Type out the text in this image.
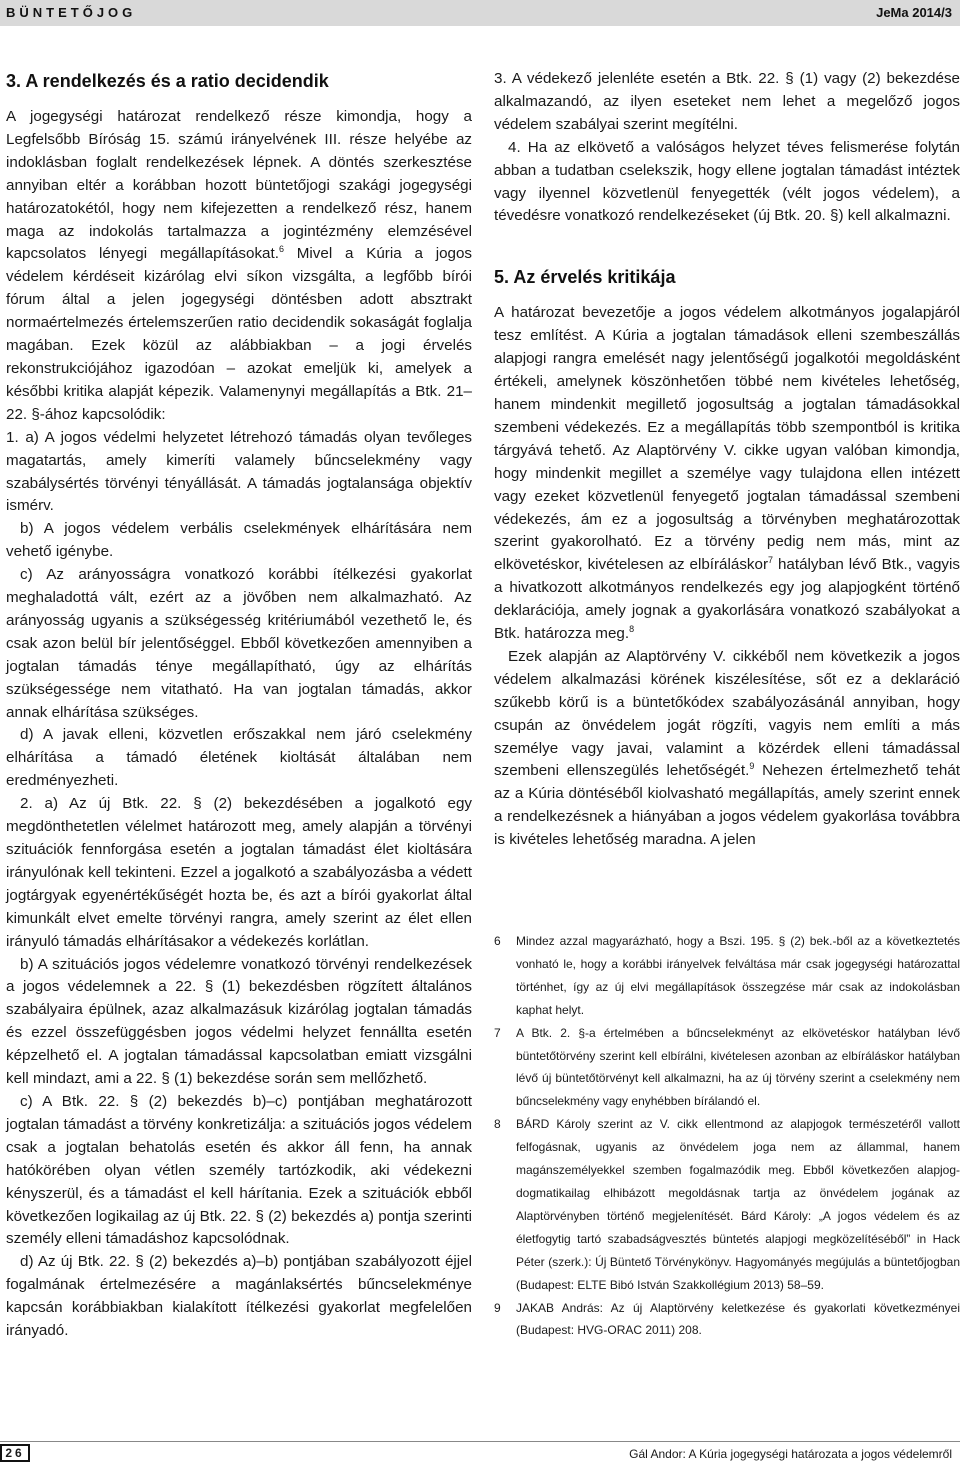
BÜNTETŐJOG	JeMa 2014/3
3. A rendelkezés és a ratio decidendik

A jogegységi határozat rendelkező része kimondja, hogy a Legfelsőbb Bíróság 15. számú irányelvének III. része helyébe az indoklásban foglalt rendelkezések lépnek. A döntés szerkesztése annyiban eltér a korábban hozott büntetőjogi szakági jogegységi határozatokétól, hogy nem kifejezetten a rendelkező rész, hanem maga az indokolás tartalmazza a jogintézmény elemzésével kapcsolatos lényegi megállapításokat.$^6$ Mivel a Kúria a jogos védelem kérdéseit kizárólag elvi síkon vizsgálta, a legfőbb bírói fórum által a jelen jogegységi döntésben adott absztrakt normaértelmezés értelemszerűen ratio decidendik sokaságát foglalja magában. Ezek közül az alábbiakban – a jogi érvelés rekonstrukciójához igazodóan – azokat emeljük ki, amelyek a későbbi kritika alapját képezik. Valamenynyi megállapítás a Btk. 21–22. §-ához kapcsolódik:

1. a) A jogos védelmi helyzetet létrehozó támadás olyan tevőleges magatartás, amely kimeríti valamely bűncselekmény vagy szabálysértés törvényi tényállását. A támadás jogtalansága objektív ismérv.

b) A jogos védelem verbális cselekmények elhárítására nem vehető igénybe.

c) Az arányosságra vonatkozó korábbi ítélkezési gyakorlat meghaladottá vált, ezért az a jövőben nem alkalmazható. Az arányosság ugyanis a szükségesség kritériumából vezethető le, és csak azon belül bír jelentőséggel. Ebből következően amennyiben a jogtalan támadás ténye megállapítható, úgy az elhárítás szükségessége nem vitatható. Ha van jogtalan támadás, akkor annak elhárítása szükséges.

d) A javak elleni, közvetlen erőszakkal nem járó cselekmény elhárítása a támadó életének kioltását általában nem eredményezheti.

2. a) Az új Btk. 22. § (2) bekezdésében a jogalkotó egy megdönthetetlen vélelmet határozott meg, amely alapján a törvényi szituációk fennforgása esetén a jogtalan támadást élet kioltására irányulónak kell tekinteni. Ezzel a jogalkotó a szabályozásba a védett jogtárgyak egyenértékűségét hozta be, és azt a bírói gyakorlat által kimunkált elvet emelte törvényi rangra, amely szerint az élet ellen irányuló támadás elhárításakor a védekezés korlátlan.

b) A szituációs jogos védelemre vonatkozó törvényi rendelkezések a jogos védelemnek a 22. § (1) bekezdésben rögzített általános szabályaira épülnek, azaz alkalmazásuk kizárólag jogtalan támadás és ezzel összefüggésben jogos védelmi helyzet fennállta esetén képzelhető el. A jogtalan támadással kapcsolatban emiatt vizsgálni kell mindazt, ami a 22. § (1) bekezdése során sem mellőzhető.

c) A Btk. 22. § (2) bekezdés b)–c) pontjában meghatározott jogtalan támadást a törvény konkretizálja: a szituációs jogos védelem csak a jogtalan behatolás esetén és akkor áll fenn, ha annak hatókörében olyan vétlen személy tartózkodik, aki védekezni kényszerül, és a támadást el kell hárítania. Ezek a szituációk ebből következően logikailag az új Btk. 22. § (2) bekezdés a) pontja szerinti személy elleni támadáshoz kapcsolódnak.

d) Az új Btk. 22. § (2) bekezdés a)–b) pontjában szabályozott éjjel fogalmának értelmezésére a magánlaksértés bűncselekménye kapcsán korábbiakban kialakított ítélkezési gyakorlat megfelelően irányadó.

3. A védekező jelenléte esetén a Btk. 22. § (1) vagy (2) bekezdése alkalmazandó, az ilyen eseteket nem lehet a megelőző jogos védelem szabályai szerint megítélni.

4. Ha az elkövető a valóságos helyzet téves felismerése folytán abban a tudatban cselekszik, hogy ellene jogtalan támadást intéztek vagy ilyennel közvetlenül fenyegették (vélt jogos védelem), a tévedésre vonatkozó rendelkezéseket (új Btk. 20. §) kell alkalmazni.

5. Az érvelés kritikája

A határozat bevezetője a jogos védelem alkotmányos jogalapjáról tesz említést. A Kúria a jogtalan támadások elleni szembeszállás alapjogi rangra emelését nagy jelentőségű jogalkotói megoldásként értékeli, amelynek köszönhetően többé nem kivételes lehetőség, hanem mindenkit megillető jogosultság a jogtalan támadásokkal szembeni védekezés. Ez a megállapítás több szempontból is kritika tárgyává tehető. Az Alaptörvény V. cikke ugyan valóban kimondja, hogy mindenkit megillet a személye vagy tulajdona ellen intézett vagy ezeket közvetlenül fenyegető jogtalan támadással szembeni védekezés, ám ez a jogosultság a törvényben meghatározottak szerint gyakorolható. Ez a törvény pedig nem más, mint az elkövetéskor, kivételesen az elbíráláskor$^7$ hatályban lévő Btk., vagyis a hivatkozott alkotmányos rendelkezés egy jog alapjogként történő deklarációja, amely jognak a gyakorlására vonatkozó szabályokat a Btk. határozza meg.$^8$

Ezek alapján az Alaptörvény V. cikkéből nem következik a jogos védelem alkalmazási körének kiszélesítése, sőt ez a deklaráció szűkebb körű is a büntetőkódex szabályozásánál annyiban, hogy csupán az önvédelem jogát rögzíti, vagyis nem említi a más személye vagy javai, valamint a közérdek elleni támadással szembeni ellenszegülés lehetőségét.$^9$ Nehezen értelmezhető tehát az a Kúria döntéséből kiolvasható megállapítás, amely szerint ennek a rendelkezésnek a hiányában a jogos védelem gyakorlása továbbra is kivételes lehetőség maradna. A jelen

6	Mindez azzal magyarázható, hogy a Bszi. 195. § (2) bek.-ből az a következtetés vonható le, hogy a korábbi irányelvek felváltása már csak jogegységi határozattal történhet, így az új elvi megállapítások összegzése már csak az indokolásban kaphat helyt.
7	A Btk. 2. §-a értelmében a bűncselekményt az elkövetéskor hatályban lévő büntetőtörvény szerint kell elbírálni, kivételesen azonban az elbíráláskor hatályban lévő új büntetőtörvényt kell alkalmazni, ha az új törvény szerint a cselekmény nem bűncselekmény vagy enyhébben bírálandó el.
8	BÁRD Károly szerint az V. cikk ellentmond az alapjogok természetéről vallott felfogásnak, ugyanis az önvédelem joga nem az állammal, hanem magánszemélyekkel szemben fogalmazódik meg. Ebből következően alapjog-dogmatikailag elhibázott megoldásnak tartja az önvédelem jogának az Alaptörvényben történő megjelenítését. Bárd Károly: „A jogos védelem és az életfogytig tartó szabadságvesztés büntetés alapjogi megközelítéséből” in Hack Péter (szerk.): Új Büntető Törvénykönyv. Hagyományés megújulás a büntetőjogban (Budapest: ELTE Bibó István Szakkollégium 2013) 58–59.
9	JAKAB András: Az új Alaptörvény keletkezése és gyakorlati következményei (Budapest: HVG-ORAC 2011) 208.
26	Gál Andor: A Kúria jogegységi határozata a jogos védelemről
